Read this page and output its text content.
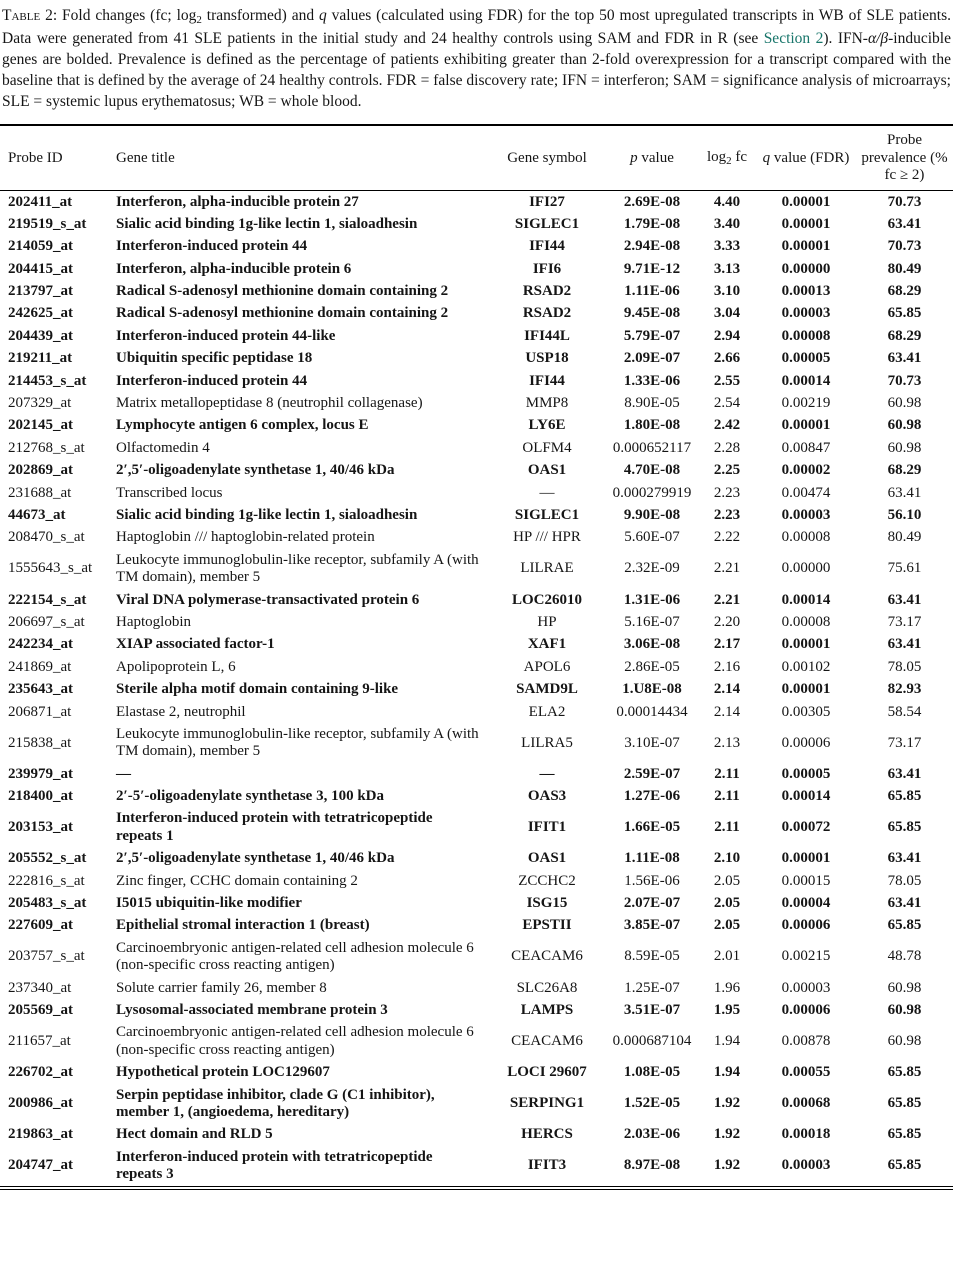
Table 2: Fold changes (fc; $\log_2$ transformed) and q values (calculated using FDR) for the top 50 most upregulated transcripts in WB of SLE patients. Data were generated from 41 SLE patients in the initial study and 24 healthy controls using SAM and FDR in R (see Section 2). IFN-α/β-inducible genes are bolded. Prevalence is defined as the percentage of patients exhibiting greater than 2-fold overexpression for a transcript compared with the baseline that is defined by the average of 24 healthy controls. FDR = false discovery rate; IFN = interferon; SAM = significance analysis of microarrays; SLE = systemic lupus erythematosus; WB = whole blood.

Probe ID	Gene title	Gene symbol	p value	$\log_2$ fc	q value (FDR)	Probe prevalence (% fc ≥ 2)
202411_at	Interferon, alpha-inducible protein 27	IFI27	2.69E-08	4.40	0.00001	70.73
219519_s_at	Sialic acid binding 1g-like lectin 1, sialoadhesin	SIGLEC1	1.79E-08	3.40	0.00001	63.41
214059_at	Interferon-induced protein 44	IFI44	2.94E-08	3.33	0.00001	70.73
204415_at	Interferon, alpha-inducible protein 6	IFI6	9.71E-12	3.13	0.00000	80.49
213797_at	Radical S-adenosyl methionine domain containing 2	RSAD2	1.11E-06	3.10	0.00013	68.29
242625_at	Radical S-adenosyl methionine domain containing 2	RSAD2	9.45E-08	3.04	0.00003	65.85
204439_at	Interferon-induced protein 44-like	IFI44L	5.79E-07	2.94	0.00008	68.29
219211_at	Ubiquitin specific peptidase 18	USP18	2.09E-07	2.66	0.00005	63.41
214453_s_at	Interferon-induced protein 44	IFI44	1.33E-06	2.55	0.00014	70.73
207329_at	Matrix metallopeptidase 8 (neutrophil collagenase)	MMP8	8.90E-05	2.54	0.00219	60.98
202145_at	Lymphocyte antigen 6 complex, locus E	LY6E	1.80E-08	2.42	0.00001	60.98
212768_s_at	Olfactomedin 4	OLFM4	0.000652117	2.28	0.00847	60.98
202869_at	2′,5′-oligoadenylate synthetase 1, 40/46 kDa	OAS1	4.70E-08	2.25	0.00002	68.29
231688_at	Transcribed locus	—	0.000279919	2.23	0.00474	63.41
44673_at	Sialic acid binding 1g-like lectin 1, sialoadhesin	SIGLEC1	9.90E-08	2.23	0.00003	56.10
208470_s_at	Haptoglobin /// haptoglobin-related protein	HP /// HPR	5.60E-07	2.22	0.00008	80.49
1555643_s_at	Leukocyte immunoglobulin-like receptor, subfamily A (with TM domain), member 5	LILRAE	2.32E-09	2.21	0.00000	75.61
222154_s_at	Viral DNA polymerase-transactivated protein 6	LOC26010	1.31E-06	2.21	0.00014	63.41
206697_s_at	Haptoglobin	HP	5.16E-07	2.20	0.00008	73.17
242234_at	XIAP associated factor-1	XAF1	3.06E-08	2.17	0.00001	63.41
241869_at	Apolipoprotein L, 6	APOL6	2.86E-05	2.16	0.00102	78.05
235643_at	Sterile alpha motif domain containing 9-like	SAMD9L	1.U8E-08	2.14	0.00001	82.93
206871_at	Elastase 2, neutrophil	ELA2	0.00014434	2.14	0.00305	58.54
215838_at	Leukocyte immunoglobulin-like receptor, subfamily A (with TM domain), member 5	LILRA5	3.10E-07	2.13	0.00006	73.17
239979_at	—	—	2.59E-07	2.11	0.00005	63.41
218400_at	2′-5′-oligoadenylate synthetase 3, 100 kDa	OAS3	1.27E-06	2.11	0.00014	65.85
203153_at	Interferon-induced protein with tetratricopeptide repeats 1	IFIT1	1.66E-05	2.11	0.00072	65.85
205552_s_at	2′,5′-oligoadenylate synthetase 1, 40/46 kDa	OAS1	1.11E-08	2.10	0.00001	63.41
222816_s_at	Zinc finger, CCHC domain containing 2	ZCCHC2	1.56E-06	2.05	0.00015	78.05
205483_s_at	I5015 ubiquitin-like modifier	ISG15	2.07E-07	2.05	0.00004	63.41
227609_at	Epithelial stromal interaction 1 (breast)	EPSTII	3.85E-07	2.05	0.00006	65.85
203757_s_at	Carcinoembryonic antigen-related cell adhesion molecule 6 (non-specific cross reacting antigen)	CEACAM6	8.59E-05	2.01	0.00215	48.78
237340_at	Solute carrier family 26, member 8	SLC26A8	1.25E-07	1.96	0.00003	60.98
205569_at	Lysosomal-associated membrane protein 3	LAMPS	3.51E-07	1.95	0.00006	60.98
211657_at	Carcinoembryonic antigen-related cell adhesion molecule 6 (non-specific cross reacting antigen)	CEACAM6	0.000687104	1.94	0.00878	60.98
226702_at	Hypothetical protein LOC129607	LOCI 29607	1.08E-05	1.94	0.00055	65.85
200986_at	Serpin peptidase inhibitor, clade G (C1 inhibitor), member 1, (angioedema, hereditary)	SERPING1	1.52E-05	1.92	0.00068	65.85
219863_at	Hect domain and RLD 5	HERCS	2.03E-06	1.92	0.00018	65.85
204747_at	Interferon-induced protein with tetratricopeptide repeats 3	IFIT3	8.97E-08	1.92	0.00003	65.85
